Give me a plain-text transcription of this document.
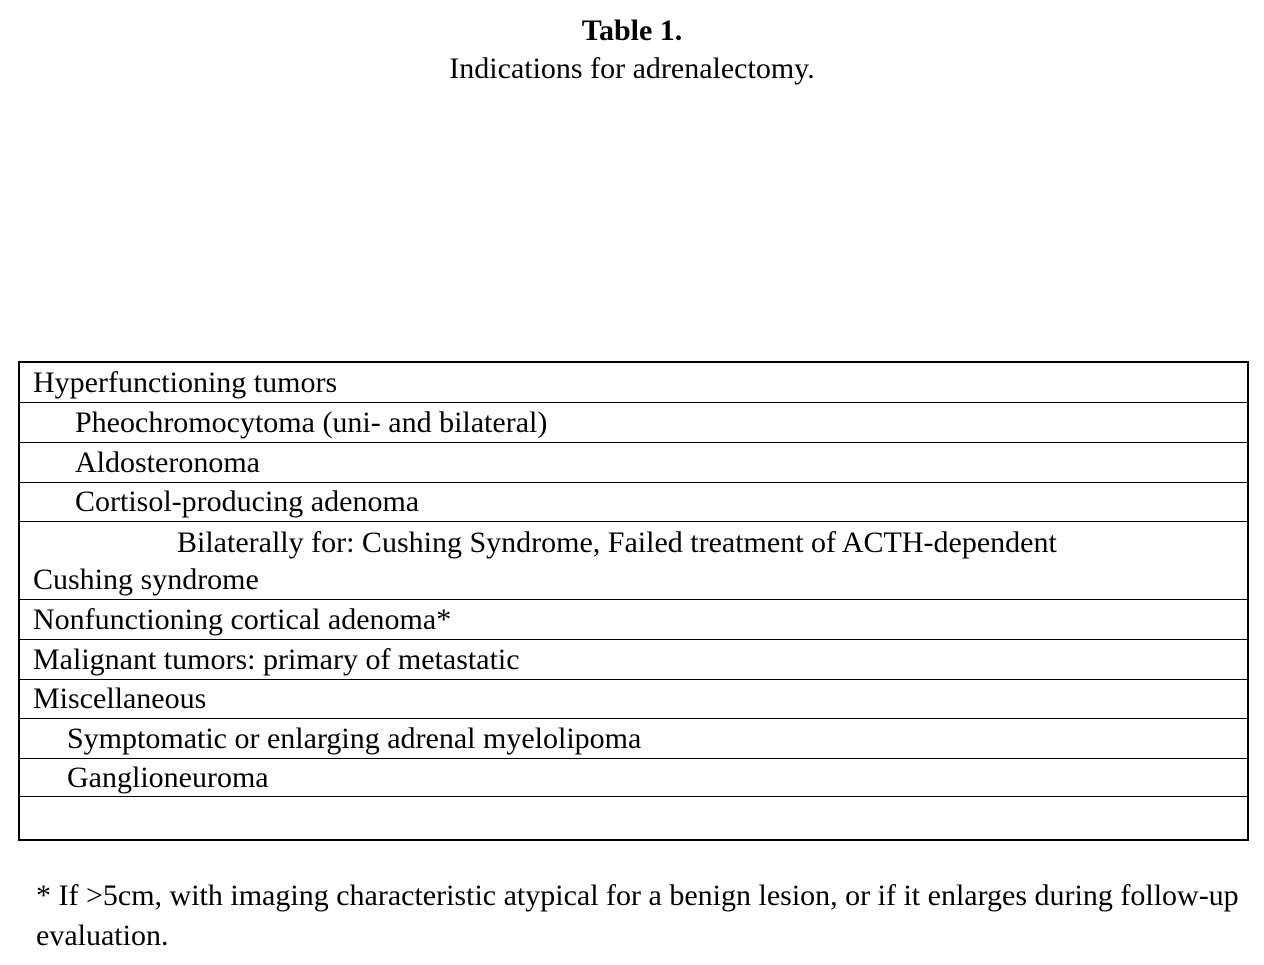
Table 1.
Indications for adrenalectomy.
Hyperfunctioning tumors
Pheochromocytoma (uni- and bilateral)
Aldosteronoma
Cortisol-producing adenoma
Bilaterally for: Cushing Syndrome, Failed treatment of ACTH-dependent
Cushing syndrome
Nonfunctioning cortical adenoma*
Malignant tumors: primary of metastatic
Miscellaneous
Symptomatic or enlarging adrenal myelolipoma
Ganglioneuroma

* If >5cm, with imaging characteristic atypical for a benign lesion, or if it enlarges during follow-up evaluation.
